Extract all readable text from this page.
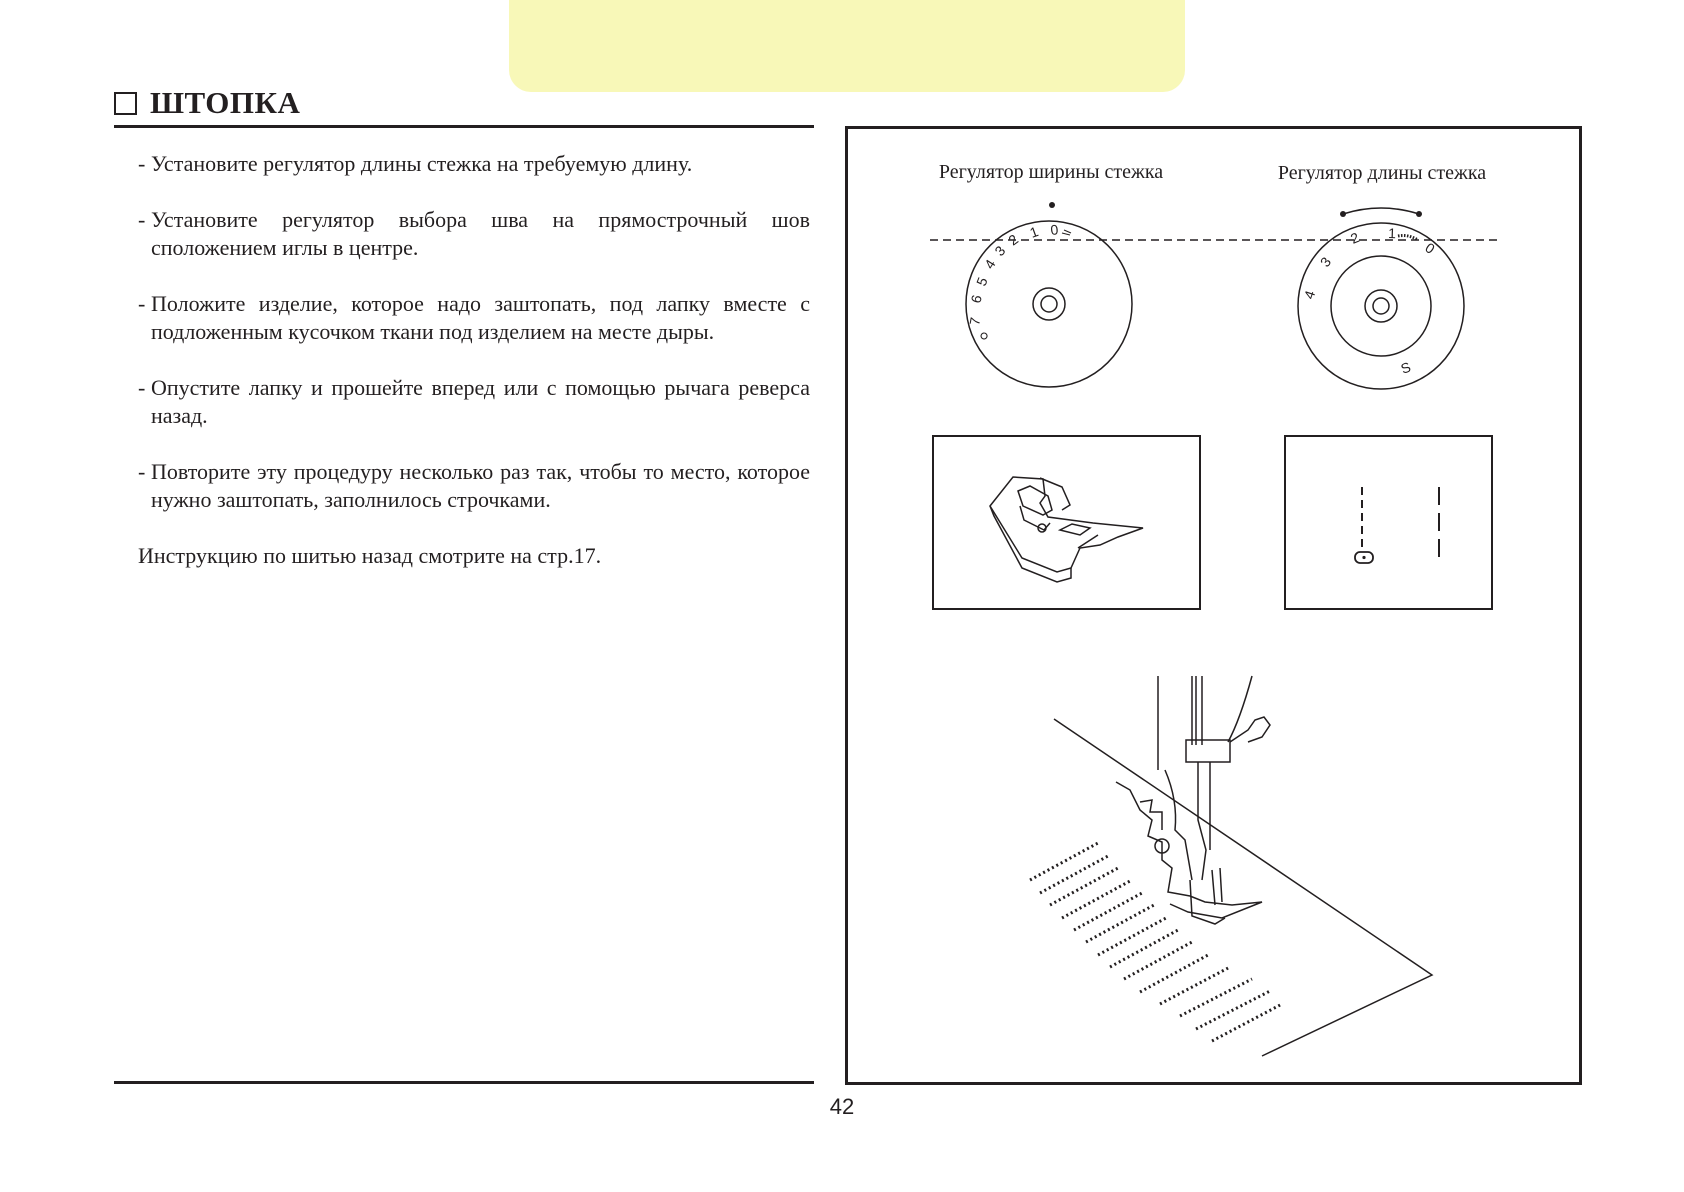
ШТОПКА
- Установите регулятор длины стежка на требуемую длину.
- Установите регулятор выбора шва на прямострочный шов сположением иглы в центре.
- Положите изделие, которое надо заштопать, под лапку вместе с подложенным кусочком ткани под изделием на месте дыры.
- Опустите лапку и прошейте вперед или с помощью рычага реверса назад.
- Повторите эту процедуру несколько раз так, чтобы то место, которое нужно заштопать, заполнилось строчками.
Инструкцию по шитью назад смотрите на стр.17.
Регулятор ширины стежка	Регулятор длины стежка
7
6
5
4
3
2 1 0
4
3
2 1
0
S
42
